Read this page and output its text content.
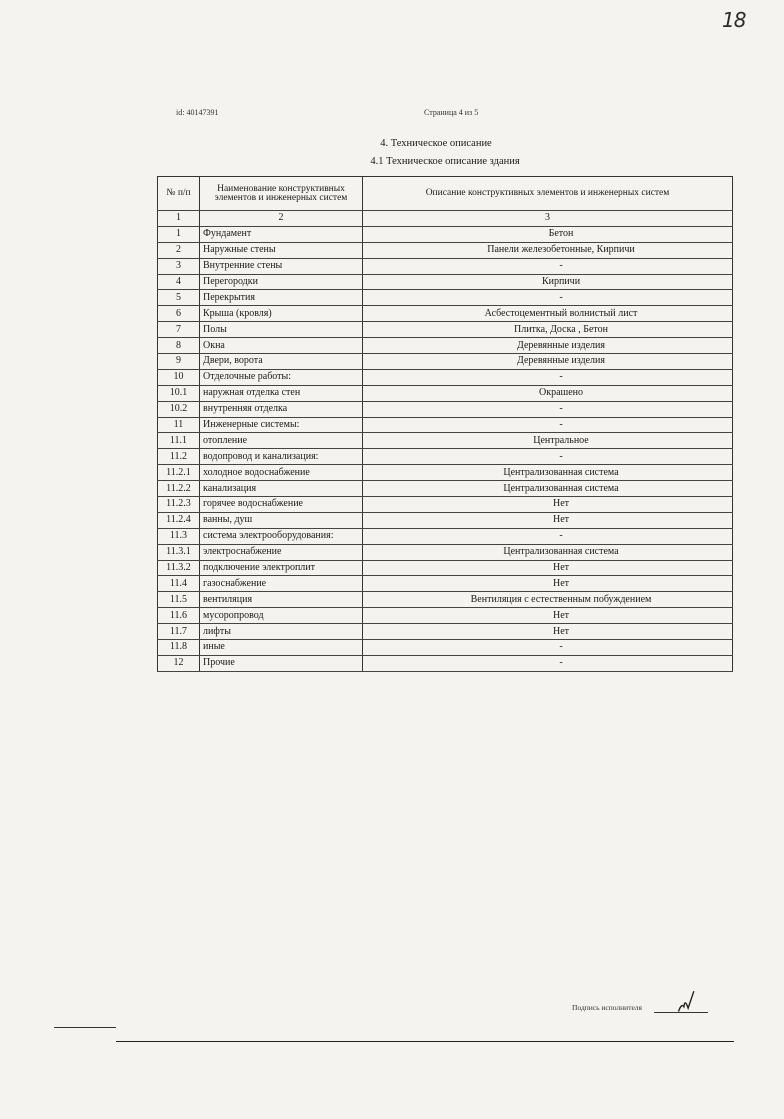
18
id: 40147391	Страница 4 из 5
4. Техническое описание
4.1 Техническое описание здания
№ п/п	Наименование конструктивных элементов и инженерных систем	Описание конструктивных элементов и инженерных систем
1	2	3
1	Фундамент	Бетон
2	Наружные стены	Панели железобетонные, Кирпичи
3	Внутренние стены	-
4	Перегородки	Кирпичи
5	Перекрытия	-
6	Крыша (кровля)	Асбестоцементный волнистый лист
7	Полы	Плитка, Доска , Бетон
8	Окна	Деревянные изделия
9	Двери, ворота	Деревянные изделия
10	Отделочные работы:	-
10.1	наружная отделка стен	Окрашено
10.2	внутренняя отделка	-
11	Инженерные системы:	-
11.1	отопление	Центральное
11.2	водопровод и канализация:	-
11.2.1	холодное водоснабжение	Централизованная система
11.2.2	канализация	Централизованная система
11.2.3	горячее водоснабжение	Нет
11.2.4	ванны, душ	Нет
11.3	система электрооборудования:	-
11.3.1	электроснабжение	Централизованная система
11.3.2	подключение электроплит	Нет
11.4	газоснабжение	Нет
11.5	вентиляция	Вентиляция с естественным побуждением
11.6	мусоропровод	Нет
11.7	лифты	Нет
11.8	иные	-
12	Прочие	-
Подпись исполнителя
